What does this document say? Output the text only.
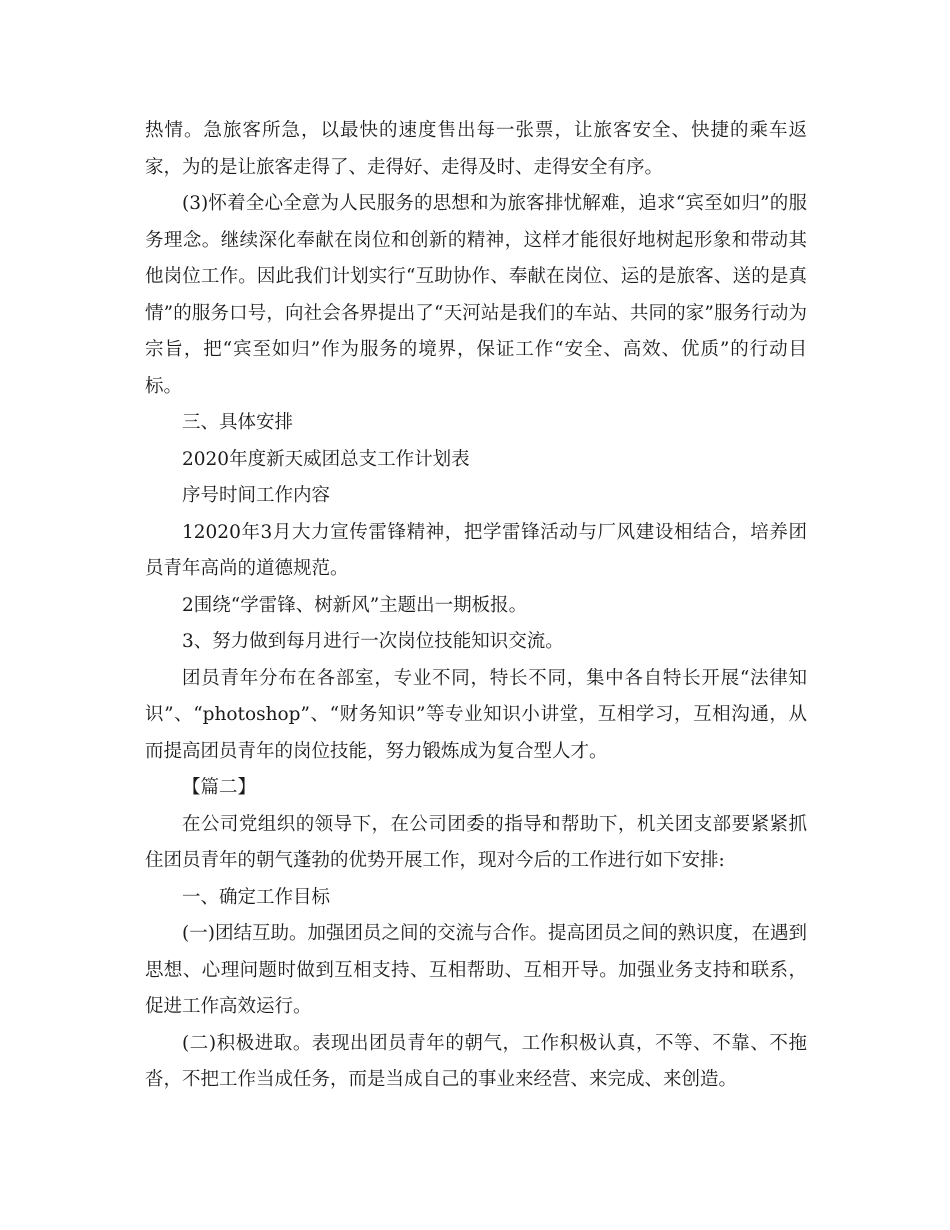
热情。急旅客所急，以最快的速度售出每一张票，让旅客安全、快捷的乘车返家，为的是让旅客走得了、走得好、走得及时、走得安全有序。

(3)怀着全心全意为人民服务的思想和为旅客排忧解难，追求“宾至如归”的服务理念。继续深化奉献在岗位和创新的精神，这样才能很好地树起形象和带动其他岗位工作。因此我们计划实行“互助协作、奉献在岗位、运的是旅客、送的是真情”的服务口号，向社会各界提出了“天河站是我们的车站、共同的家”服务行动为宗旨，把“宾至如归”作为服务的境界，保证工作“安全、高效、优质”的行动目标。

三、具体安排

2020年度新天威团总支工作计划表

序号时间工作内容

12020年3月大力宣传雷锋精神，把学雷锋活动与厂风建设相结合，培养团员青年高尚的道德规范。

2围绕“学雷锋、树新风”主题出一期板报。

3、努力做到每月进行一次岗位技能知识交流。

团员青年分布在各部室，专业不同，特长不同，集中各自特长开展“法律知识”、“photoshop”、“财务知识”等专业知识小讲堂，互相学习，互相沟通，从而提高团员青年的岗位技能，努力锻炼成为复合型人才。

【篇二】

在公司党组织的领导下，在公司团委的指导和帮助下，机关团支部要紧紧抓住团员青年的朝气蓬勃的优势开展工作，现对今后的工作进行如下安排:

一、确定工作目标

(一)团结互助。加强团员之间的交流与合作。提高团员之间的熟识度，在遇到思想、心理问题时做到互相支持、互相帮助、互相开导。加强业务支持和联系，促进工作高效运行。

(二)积极进取。表现出团员青年的朝气，工作积极认真，不等、不靠、不拖沓，不把工作当成任务，而是当成自己的事业来经营、来完成、来创造。
